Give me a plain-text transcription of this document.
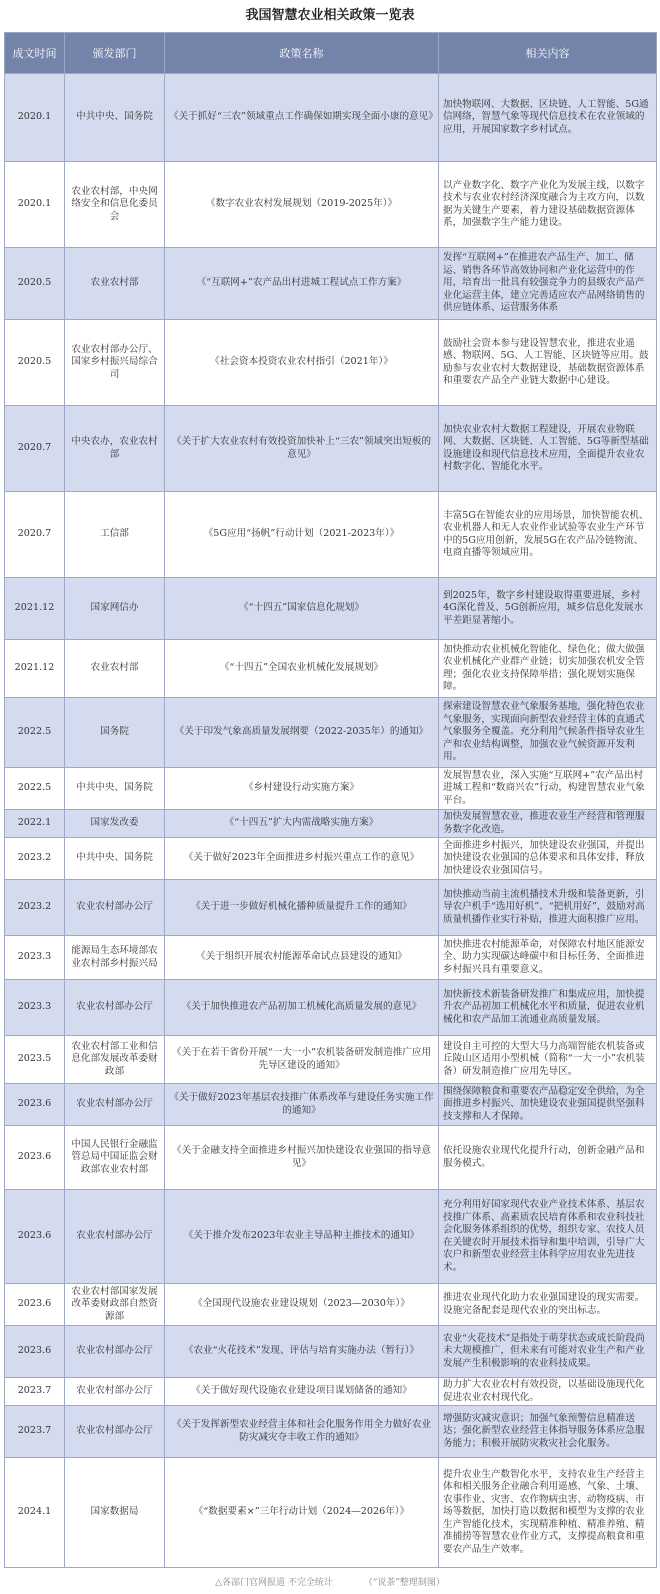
我国智慧农业相关政策一览表
成文时间	颁发部门	政策名称	相关内容
2020.1	中共中央、国务院	《关于抓好“三农”领域重点工作确保如期实现全面小康的意见》	加快物联网、大数据、区块链、人工智能、5G通信网络，智慧气象等现代信息技术在农业领域的应用，开展国家数字乡村试点。
2020.1	农业农村部，中央网络安全和信息化委员会	《数字农业农村发展规划（2019-2025年）》	以产业数字化、数字产业化为发展主线，以数字技术与农业农村经济深度融合为主攻方向，以数据为关键生产要素，着力建设基础数据资源体系，加强数字生产能力建设。
2020.5	农业农村部	《“互联网+”农产品出村进城工程试点工作方案》	发挥“互联网+”在推进农产品生产、加工、储运、销售各环节高效协同和产业化运营中的作用，培育出一批具有较强竞争力的县级农产品产业化运营主体，建立完善适应农产品网络销售的供应链体系、运营服务体系
2020.5	农业农村部办公厅、国家乡村振兴局综合司	《社会资本投资农业农村指引（2021年）》	鼓励社会资本参与建设智慧农业，推进农业遥感、物联网、5G、人工智能、区块链等应用。鼓励参与农业农村大数据建设，基础数据资源体系和重要农产品全产业链大数据中心建设。
2020.7	中央农办，农业农村部	《关于扩大农业农村有效投资加快补上“三农”领域突出短板的意见》	加快农业农村大数据工程建设，开展农业物联网、大数据、区块链、人工智能、5G等新型基础设施建设和现代信息技术应用，全面提升农业农村数字化、智能化水平。
2020.7	工信部	《5G应用“扬帆”行动计划（2021-2023年）》	丰富5G在智能农业的应用场景，加快智能农机、农业机器人和无人农业作业试验等农业生产环节中的5G应用创新，发展5G在农产品冷链物流、电商直播等领域应用。
2021.12	国家网信办	《“十四五”国家信息化规划》	到2025年，数字乡村建设取得重要进展，乡村4G深化普及、5G创新应用，城乡信息化发展水平差距显著缩小。
2021.12	农业农村部	《“十四五”全国农业机械化发展规划》	加快推动农业机械化智能化、绿色化；做大做强农业机械化产业群产业链；切实加强农机安全管理；强化农业支持保障举措；强化规划实施保障。
2022.5	国务院	《关于印发气象高质量发展纲要（2022-2035年）的通知》	探索建设智慧农业气象服务基地，强化特色农业气象服务，实现面向新型农业经营主体的直通式气象服务全覆盖。充分利用气候条件指导农业生产和农业结构调整，加强农业气候资源开发利用。
2022.5	中共中央、国务院	《乡村建设行动实施方案》	发展智慧农业，深入实施“互联网+”农产品出村进城工程和“数商兴农”行动，构建智慧农业气象平台。
2022.1	国家发改委	《“十四五”扩大内需战略实施方案》	加快发展智慧农业，推进农业生产经营和管理服务数字化改造。
2023.2	中共中央、国务院	《关于做好2023年全面推进乡村振兴重点工作的意见》	全面推进乡村振兴，加快建设农业强国，并提出加快建设农业强国的总体要求和具体安排，释放加快建设农业强国信号。
2023.2	农业农村部办公厅	《关于进一步做好机械化播种质量提升工作的通知》	加快推动当前主流机播技术升级和装备更新，引导农户机手“选用好机”、“把机用好”，鼓励对高质量机播作业实行补贴，推进大面积推广应用。
2023.3	能源局生态环境部农业农村部乡村振兴局	《关于组织开展农村能源革命试点县建设的通知》	加快推进农村能源革命，对保障农村地区能源安全、助力实现碳达峰碳中和目标任务、全面推进乡村振兴具有重要意义。
2023.3	农业农村部办公厅	《关于加快推进农产品初加工机械化高质量发展的意见》	加快新技术新装备研发推广和集成应用，加快提升农产品初加工机械化水平和质量，促进农业机械化和农产品加工流通业高质量发展。
2023.5	农业农村部工业和信息化部发展改革委财政部	《关于在若干省份开展“一大一小”农机装备研发制造推广应用先导区建设的通知》	建设自主可控的大型大马力高端智能农机装备或丘陵山区适用小型机械（简称“一大一小”农机装备）研发制造推广应用先导区。
2023.6	农业农村部办公厅	《关于做好2023年基层农技推广体系改革与建设任务实施工作的通知》	围绕保障粮食和重要农产品稳定安全供给，为全面推进乡村振兴、加快建设农业强国提供坚强科技支撑和人才保障。
2023.6	中国人民银行金融监管总局中国证监会财政部农业农村部	《关于金融支持全面推进乡村振兴加快建设农业强国的指导意见》	依托设施农业现代化提升行动，创新金融产品和服务模式。
2023.6	农业农村部办公厅	《关于推介发布2023年农业主导品种主推技术的通知》	充分利用好国家现代农业产业技术体系、基层农技推广体系、高素质农民培育体系和农业科技社会化服务体系组织的优势，组织专家、农技人员在关键农时开展技术指导和集中培训，引导广大农户和新型农业经营主体科学应用农业先进技术。
2023.6	农业农村部国家发展改革委财政部自然资源部	《全国现代设施农业建设规划（2023—2030年）》	推进农业现代化助力农业强国建设的现实需要。设施完备配套是现代农业的突出标志。
2023.6	农业农村部办公厅	《农业“火花技术”发现、评估与培育实施办法（暂行）》	农业“火花技术”是指处于萌芽状态或成长阶段尚未大规模推广，但未来有可能对农业生产和产业发展产生积极影响的农业科技成果。
2023.7	农业农村部办公厅	《关于做好现代设施农业建设项目谋划储备的通知》	助力扩大农业农村有效投资，以基础设施现代化促进农业农村现代化。
2023.7	农业农村部办公厅	《关于发挥新型农业经营主体和社会化服务作用全力做好农业防灾减灾夺丰收工作的通知》	增强防灾减灾意识；加强气象预警信息精准送达；强化新型农业经营主体指导服务体系应急服务能力；积极开展防灾救灾社会化服务。
2024.1	国家数据局	《“数据要素×”三年行动计划（2024—2026年）》	提升农业生产数智化水平，支持农业生产经营主体和相关服务企业融合利用遥感、气象、土壤、农事作业、灾害、农作物病虫害、动物疫病、市场等数据，加快打造以数据和模型为支撑的农业生产智能化技术，实现精准种植、精准养殖、精准捕捞等智慧农业作业方式，支撑提高粮食和重要农产品生产效率。
△各部门官网报道 不完全统计	（“说茶”整理制图）
